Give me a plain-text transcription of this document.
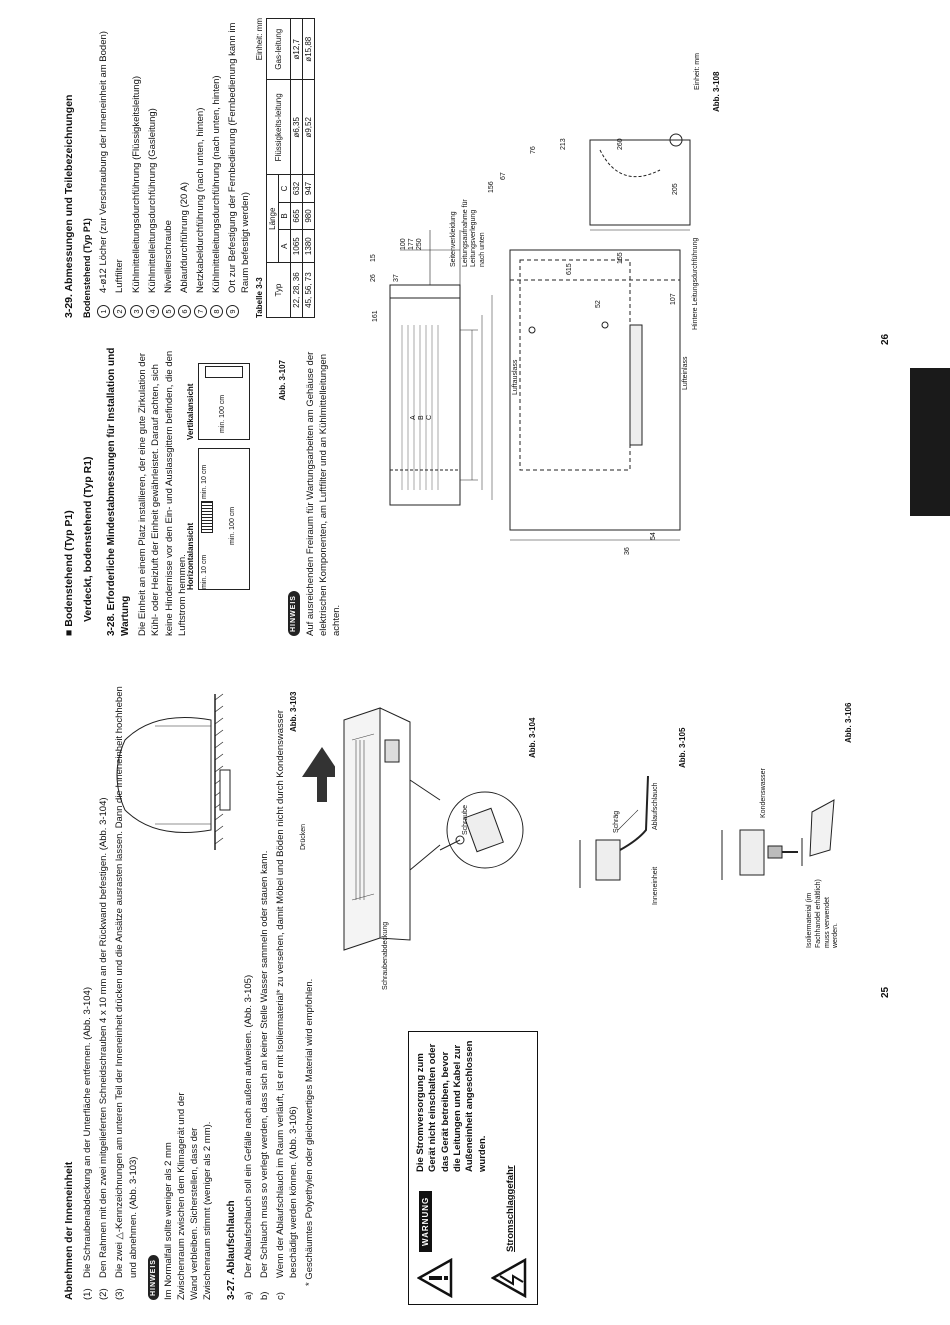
Abnehmen der Inneneinheit (1)
Die Schraubenabdeckung an der Unterfläche entfernen. (Abb. 3-104)
(2)
Den Rahmen mit den zwei mitgelieferten Schneidschrauben 4 x 10 mm an der Rückwand befestigen. (Abb. 3-104)
(3)
Die zwei △-Kennzeichnungen am unteren Teil der Inneneinheit drücken und die Ansätze ausrasten lassen. Dann die Inneneinheit hochheben und abnehmen. (Abb. 3-103)	HINWEIS Im Normalfall sollte weniger als 2 mm Zwischenraum zwischen dem Klimagerät und der Wand verbleiben. Sicherstellen, dass der Zwischenraum stimmt (weniger als 2 mm). 3-27. Ablaufschlauch a)
Der Ablaufschlauch soll ein Gefälle nach außen aufweisen. (Abb. 3-105)
b)
Der Schlauch muss so verlegt werden, dass sich an keiner Stelle Wasser sammeln oder stauen kann.
c)
Wenn der Ablaufschlauch im Raum verläuft, ist er mit Isoliermaterial* zu versehen, damit Möbel und Böden nicht durch Kondenswasser beschädigt werden können. (Abb. 3-106) * Geschäumtes Polyethylen oder gleichwertiges Material wird empfohlen.	WARNUNG
Die Stromversorgung zum Gerät nicht einschalten oder das Gerät betreiben, bevor die Leitungen und Kabel zur Außeneinheit angeschlossen wurden.
Stromschlaggefahr
Drücken
Abb. 3-103
Schraubenabdeckung
Schraube
Abb. 3-104
Schräg	Ablaufschlauch
Inneneinheit
Abb. 3-105
Kondenswasser
Isoliermaterial (im Fachhandel erhältlich) muss verwendet werden.
Abb. 3-106
25
■ Bodenstehend (Typ P1) Verdeckt, bodenstehend (Typ R1) 3-28. Erforderliche Mindestabmessungen für Installation und Wartung Die Einheit an einem Platz installieren, der eine gute Zirkulation der Kühl- oder Heizluft der Einheit gewährleistet. Darauf achten, sich keine Hindernisse vor den Ein- und Auslassgittern befinden, die den Luftstrom hemmen.
Horizontalansicht min. 10 cm
min. 10 cm
min. 100 cm
Vertikalansicht	min. 100 cm
Abb. 3-107
HINWEIS Auf ausreichenden Freiraum für Wartungsarbeiten am Gehäuse der elektrischen Komponenten, am Luftfilter und an Kühlmittelleitungen achten.
3-29. Abmessungen und Teilebezeichnungen Bodenstehend (Typ P1) 1
4-ø12 Löcher (zur Verschraubung der Inneneinheit am Boden)
2
Luftfilter
3
Kühlmittelleitungsdurchführung (Flüssigkeitsleitung)
4
Kühlmittelleitungsdurchführung (Gasleitung)
5
Nivellierschraube
6
Ablaufdurchführung (20 A)
7
Netzkabeldurchführung (nach unten, hinten)
8
Kühlmittelleitungsdurchführung (nach unten, hinten)
9
Ort zur Befestigung der Fernbedienung (Fernbedienung kann im Raum befestigt werden)
Tabelle 3-3
Einheit: mm
Typ	Länge			Flüssigkeits-leitung	Gas-leitung
	A	B	C		
22, 28, 36	1065	665	632	ø6,35	ø12,7
45, 56, 73	1380	980	947	ø9,52	ø15,88
A B C
15
26 37
100 177 250
161
54
36
615
155
107
52
156
67
76
213	260
205
Seitenverkleidung Leitungsaufnahme für Leitungsverlegung nach unten
Luftauslass	Lufteinlass
Hintere Leitungsdurchführung
Einheit: mm
Abb. 3-108
26
